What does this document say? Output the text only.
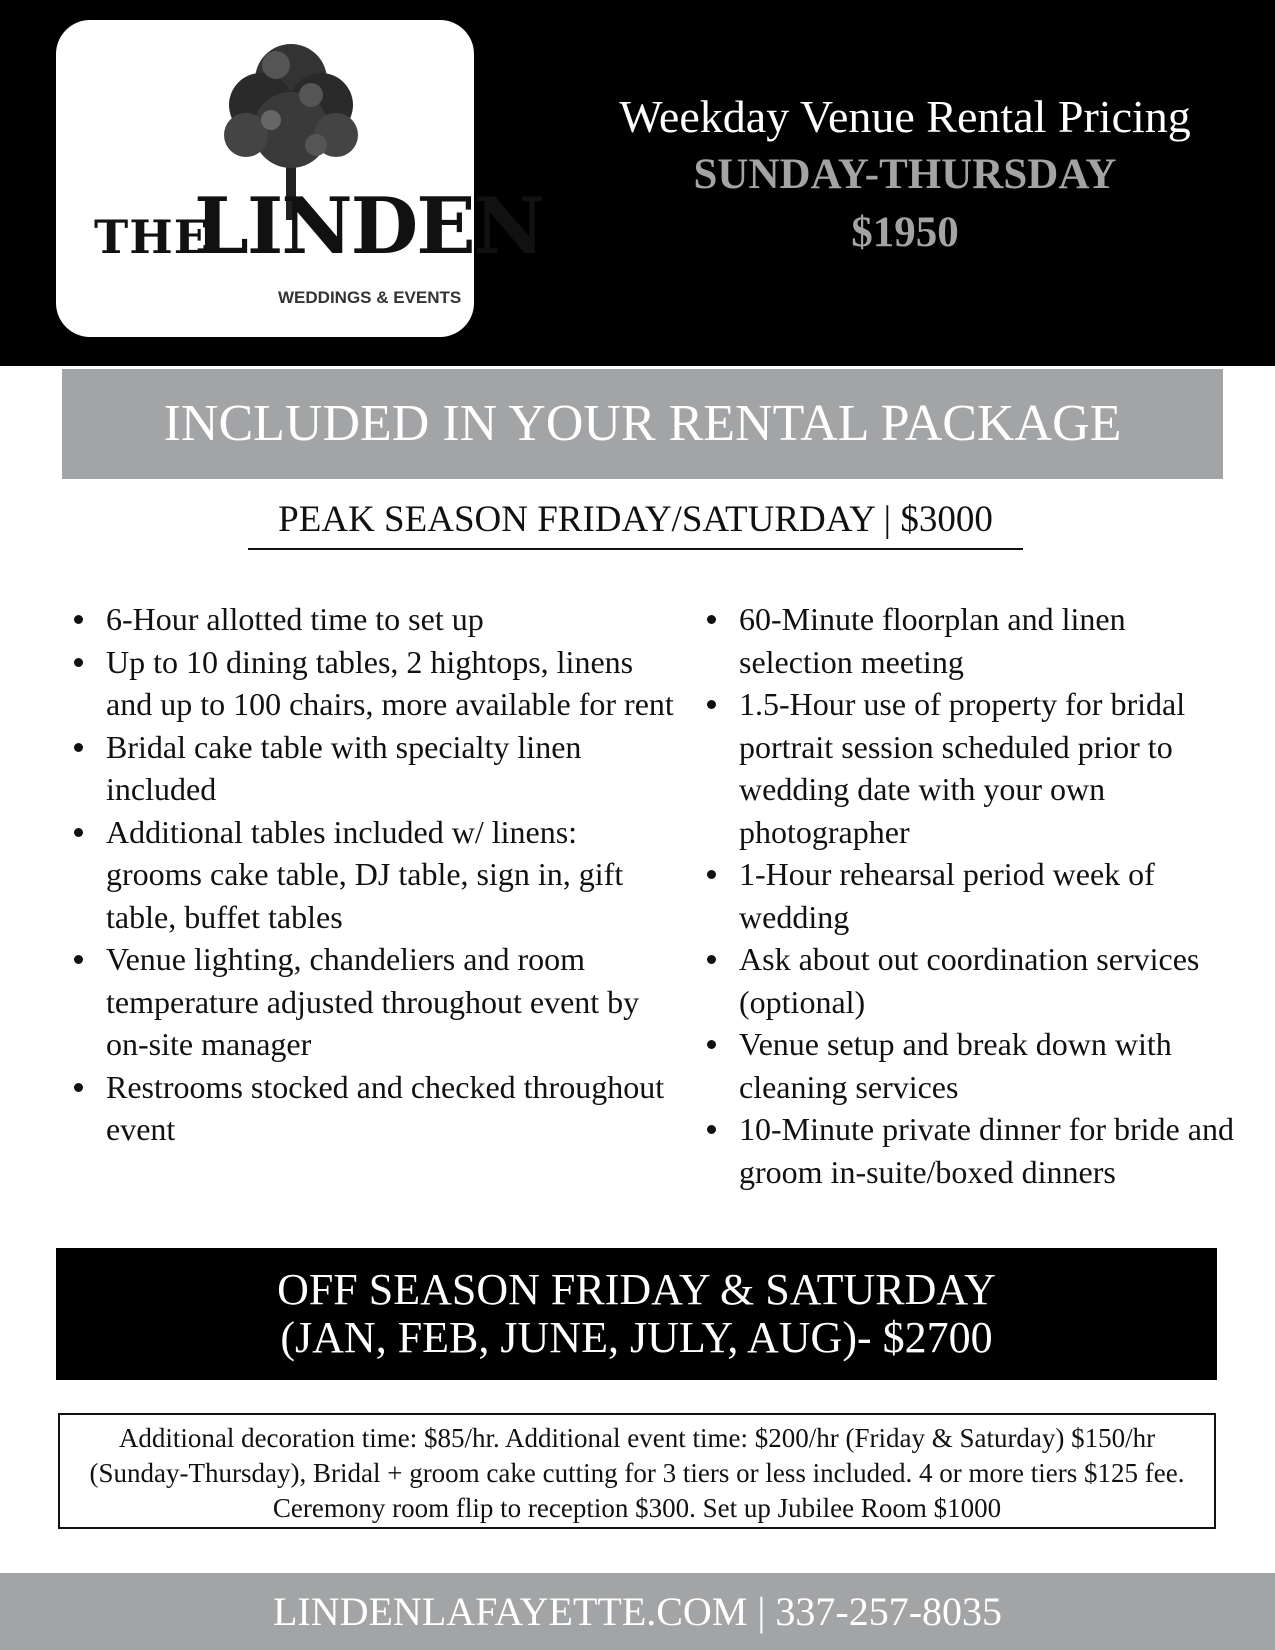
THE
LINDEN
WEDDINGS & EVENTS
Weekday Venue Rental Pricing
SUNDAY-THURSDAY
$1950
INCLUDED IN YOUR RENTAL PACKAGE
PEAK SEASON FRIDAY/SATURDAY | $3000
6-Hour allotted time to set up
Up to 10 dining tables, 2 hightops, linens and up to 100 chairs, more available for rent
Bridal cake table with specialty linen included
Additional tables included w/ linens: grooms cake table, DJ table, sign in, gift table, buffet tables
Venue lighting, chandeliers and room temperature adjusted throughout event by on-site manager
Restrooms stocked and checked throughout event
60-Minute floorplan and linen selection meeting
1.5-Hour use of property for bridal portrait session scheduled prior to wedding date with your own photographer
1-Hour rehearsal period week of wedding
Ask about out coordination services (optional)
Venue setup and break down with cleaning services
10-Minute private dinner for bride and groom in-suite/boxed dinners
OFF SEASON FRIDAY & SATURDAY
(JAN, FEB, JUNE, JULY, AUG)- $2700
Additional decoration time: $85/hr. Additional event time: $200/hr (Friday & Saturday) $150/hr (Sunday-Thursday), Bridal + groom cake cutting for 3 tiers or less included. 4 or more tiers $125 fee. Ceremony room flip to reception $300. Set up Jubilee Room $1000
LINDENLAFAYETTE.COM | 337-257-8035
